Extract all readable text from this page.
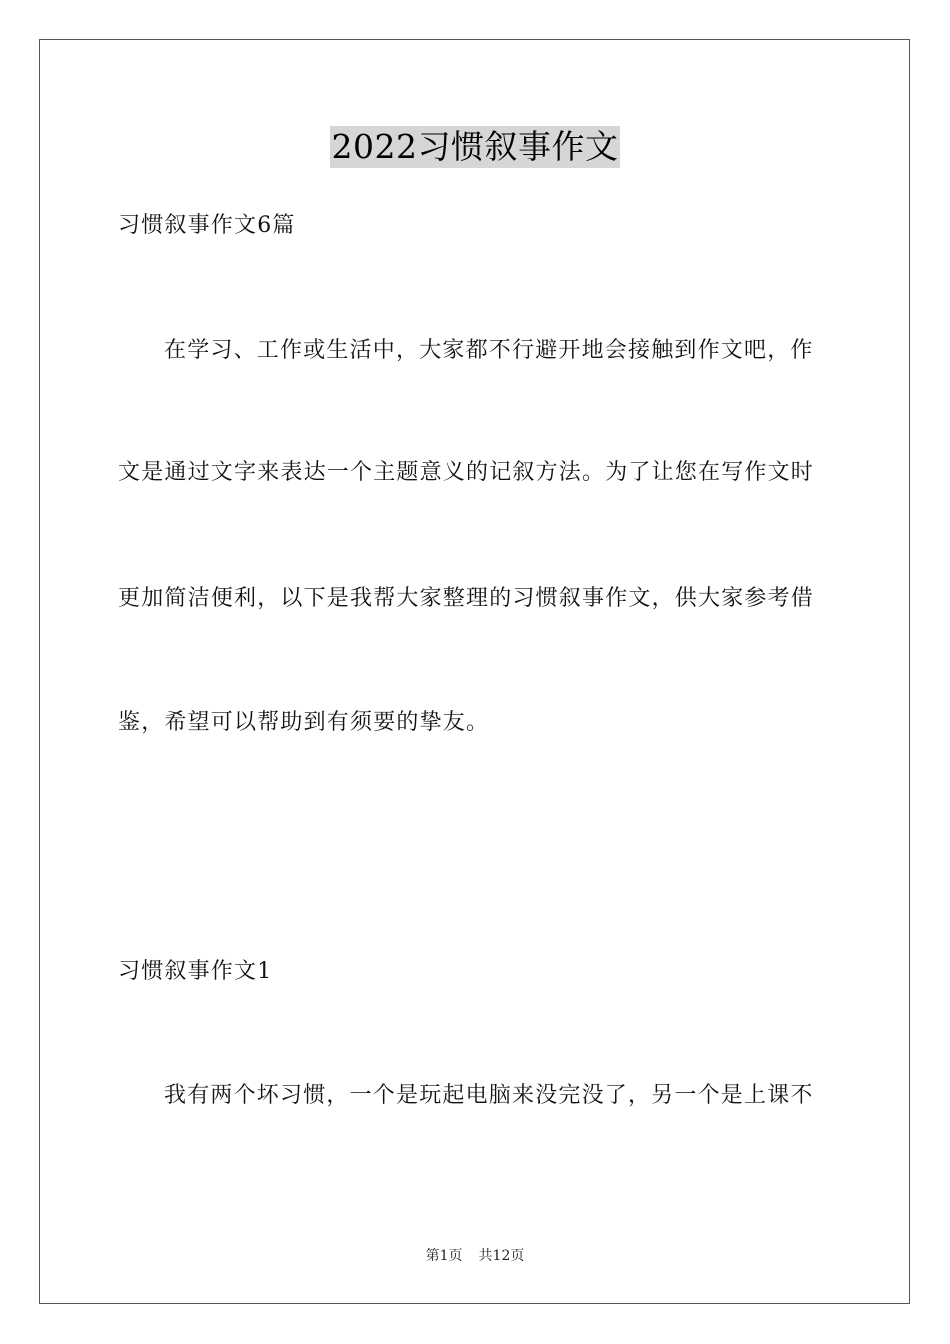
2022习惯叙事作文
习惯叙事作文6篇
在学习、工作或生活中，大家都不行避开地会接触到作文吧，作
文是通过文字来表达一个主题意义的记叙方法。为了让您在写作文时
更加简洁便利，以下是我帮大家整理的习惯叙事作文，供大家参考借
鉴，希望可以帮助到有须要的挚友。
习惯叙事作文1
我有两个坏习惯，一个是玩起电脑来没完没了，另一个是上课不
第1页 共12页
